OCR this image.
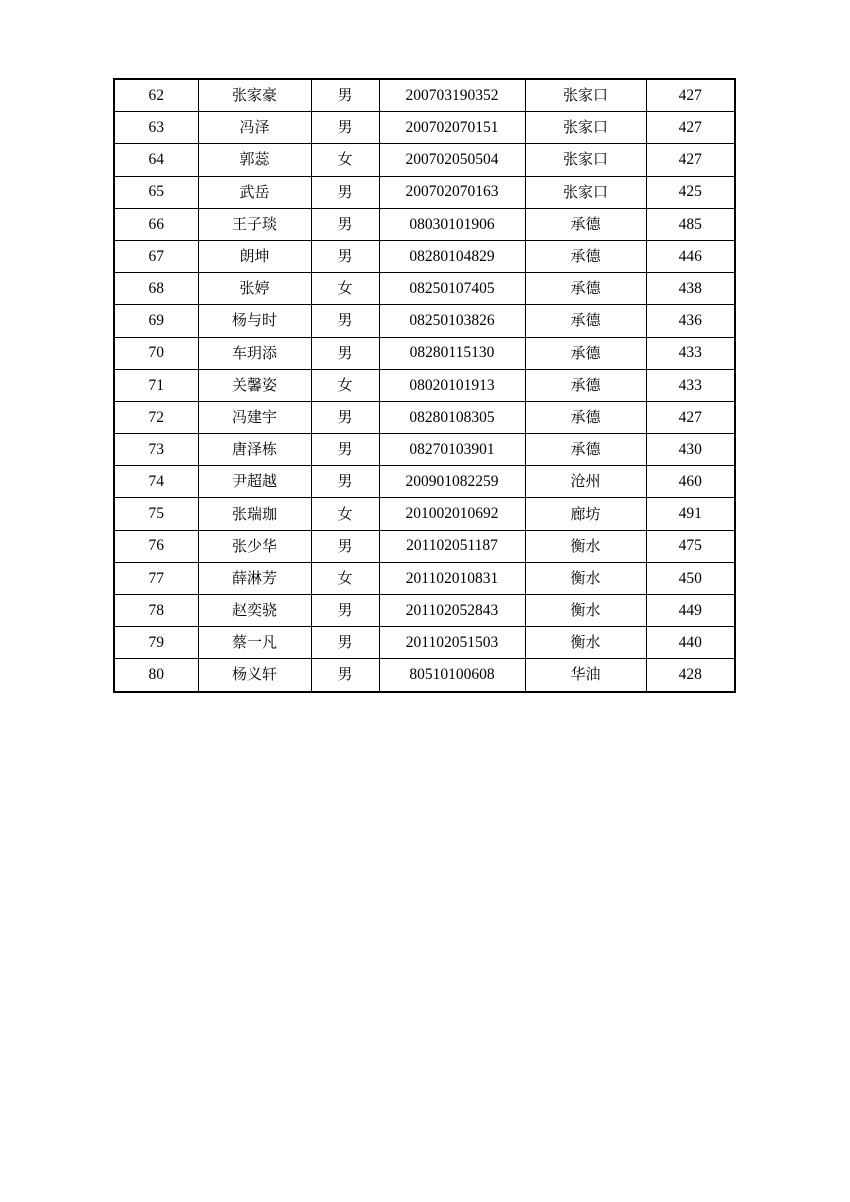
62	张家豪	男	200703190352	张家口	427
63	冯泽	男	200702070151	张家口	427
64	郭蕊	女	200702050504	张家口	427
65	武岳	男	200702070163	张家口	425
66	王子琰	男	08030101906	承德	485
67	朗坤	男	08280104829	承德	446
68	张婷	女	08250107405	承德	438
69	杨与时	男	08250103826	承德	436
70	车玥添	男	08280115130	承德	433
71	关馨姿	女	08020101913	承德	433
72	冯建宇	男	08280108305	承德	427
73	唐泽栋	男	08270103901	承德	430
74	尹超越	男	200901082259	沧州	460
75	张瑞珈	女	201002010692	廊坊	491
76	张少华	男	201102051187	衡水	475
77	薛淋芳	女	201102010831	衡水	450
78	赵奕骁	男	201102052843	衡水	449
79	蔡一凡	男	201102051503	衡水	440
80	杨义轩	男	80510100608	华油	428
